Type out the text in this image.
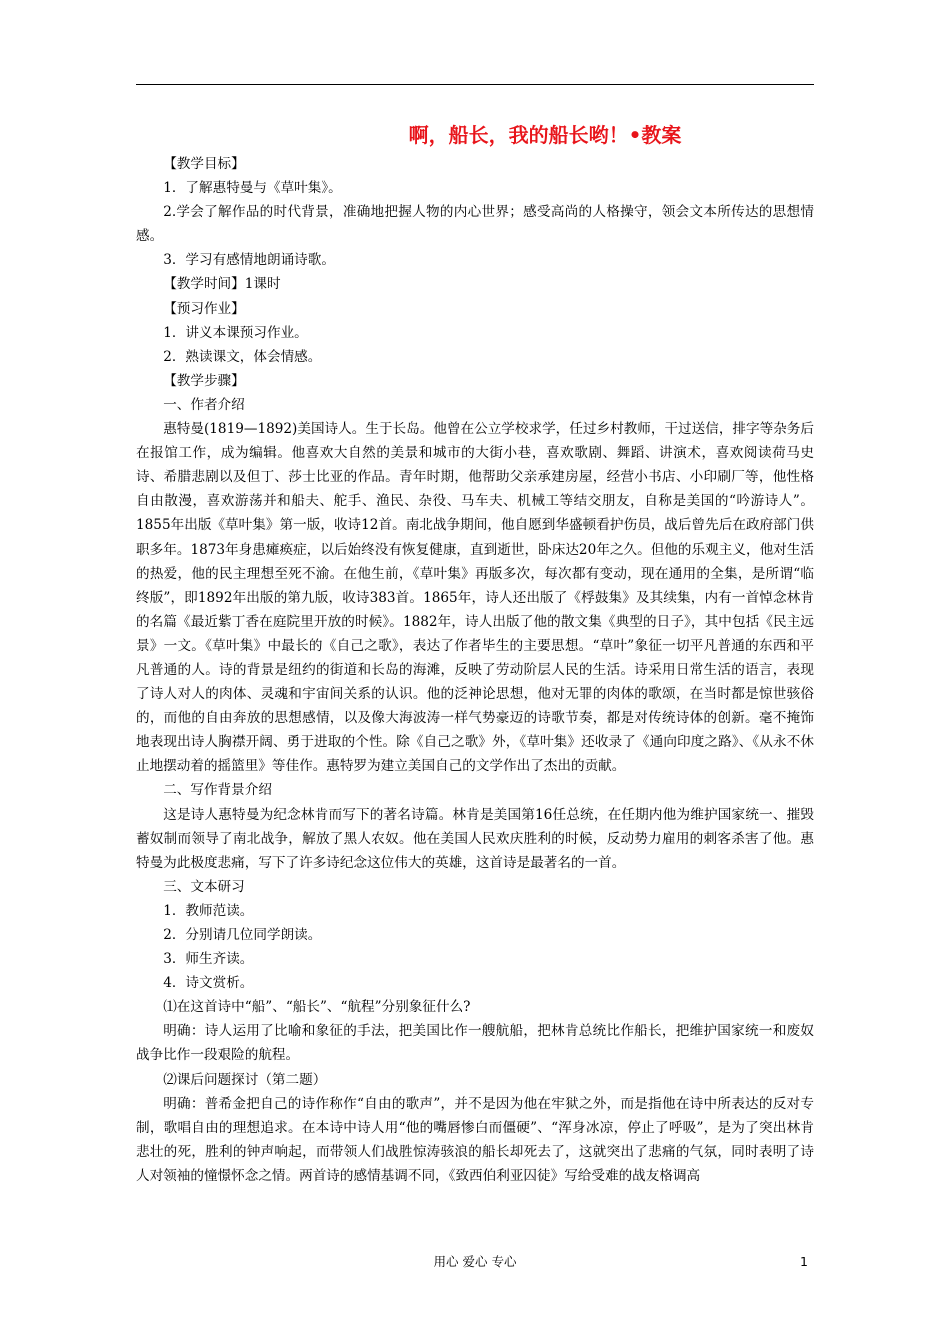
啊，船长，我的船长哟！•教案

【教学目标】

1．了解惠特曼与《草叶集》。

2.学会了解作品的时代背景，准确地把握人物的内心世界；感受高尚的人格操守，领会文本所传达的思想情感。

3．学习有感情地朗诵诗歌。

【教学时间】1课时

【预习作业】

1．讲义本课预习作业。

2．熟读课文，体会情感。

【教学步骤】

一、作者介绍

惠特曼(1819—1892)美国诗人。生于长岛。他曾在公立学校求学，任过乡村教师，干过送信，排字等杂务后在报馆工作，成为编辑。他喜欢大自然的美景和城市的大街小巷，喜欢歌剧、舞蹈、讲演术，喜欢阅读荷马史诗、希腊悲剧以及但丁、莎士比亚的作品。青年时期，他帮助父亲承建房屋，经营小书店、小印刷厂等，他性格自由散漫，喜欢游荡并和船夫、舵手、渔民、杂役、马车夫、机械工等结交朋友，自称是美国的“吟游诗人”。1855年出版《草叶集》第一版，收诗12首。南北战争期间，他自愿到华盛顿看护伤员，战后曾先后在政府部门供职多年。1873年身患瘫痪症，以后始终没有恢复健康，直到逝世，卧床达20年之久。但他的乐观主义，他对生活的热爱，他的民主理想至死不渝。在他生前，《草叶集》再版多次，每次都有变动，现在通用的全集，是所谓“临终版”，即1892年出版的第九版，收诗383首。1865年，诗人还出版了《桴鼓集》及其续集，内有一首悼念林肯的名篇《最近紫丁香在庭院里开放的时候》。1882年，诗人出版了他的散文集《典型的日子》，其中包括《民主远景》一文。《草叶集》中最长的《自己之歌》，表达了作者毕生的主要思想。“草叶”象征一切平凡普通的东西和平凡普通的人。诗的背景是纽约的街道和长岛的海滩，反映了劳动阶层人民的生活。诗采用日常生活的语言，表现了诗人对人的肉体、灵魂和宇宙间关系的认识。他的泛神论思想，他对无罪的肉体的歌颂，在当时都是惊世骇俗的，而他的自由奔放的思想感情，以及像大海波涛一样气势豪迈的诗歌节奏，都是对传统诗体的创新。毫不掩饰地表现出诗人胸襟开阔、勇于进取的个性。除《自己之歌》外，《草叶集》还收录了《通向印度之路》、《从永不休止地摆动着的摇篮里》等佳作。惠特罗为建立美国自己的文学作出了杰出的贡献。

二、写作背景介绍

这是诗人惠特曼为纪念林肯而写下的著名诗篇。林肯是美国第16任总统，在任期内他为维护国家统一、摧毁蓄奴制而领导了南北战争，解放了黑人农奴。他在美国人民欢庆胜利的时候，反动势力雇用的刺客杀害了他。惠特曼为此极度悲痛，写下了许多诗纪念这位伟大的英雄，这首诗是最著名的一首。

三、文本研习

1．教师范读。

2．分别请几位同学朗读。

3．师生齐读。

4．诗文赏析。

⑴在这首诗中“船”、“船长”、“航程”分别象征什么?

明确：诗人运用了比喻和象征的手法，把美国比作一艘航船，把林肯总统比作船长，把维护国家统一和废奴战争比作一段艰险的航程。

⑵课后问题探讨（第二题）

明确：普希金把自己的诗作称作“自由的歌声”，并不是因为他在牢狱之外，而是指他在诗中所表达的反对专制，歌唱自由的理想追求。在本诗中诗人用“他的嘴唇惨白而僵硬”、“浑身冰凉，停止了呼吸”，是为了突出林肯悲壮的死，胜利的钟声响起，而带领人们战胜惊涛骇浪的船长却死去了，这就突出了悲痛的气氛，同时表明了诗人对领袖的憧憬怀念之情。两首诗的感情基调不同，《致西伯利亚囚徒》写给受难的战友格调高

用心 爱心 专心	1
